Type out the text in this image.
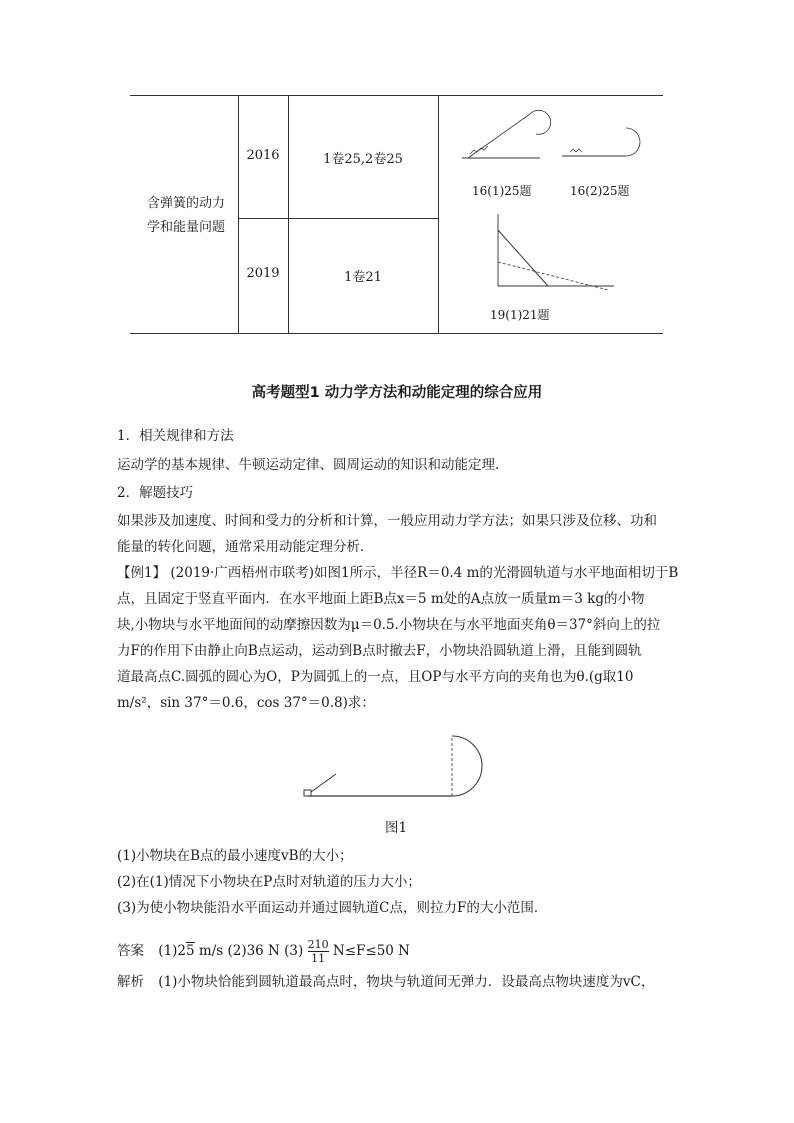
含弹簧的动力
学和能量问题
2016	1卷25,2卷25
2019	1卷21
16(1)25题	16(2)25题
19(1)21题
高考题型1 动力学方法和动能定理的综合应用
1．相关规律和方法
运动学的基本规律、牛顿运动定律、圆周运动的知识和动能定理．
2．解题技巧
如果涉及加速度、时间和受力的分析和计算，一般应用动力学方法；如果只涉及位移、功和
能量的转化问题，通常采用动能定理分析．
【例1】 (2019·广西梧州市联考)如图1所示，半径R＝0.4 m的光滑圆轨道与水平地面相切于B
点，且固定于竖直平面内．在水平地面上距B点x＝5 m处的A点放一质量m＝3 kg的小物
块,小物块与水平地面间的动摩擦因数为μ＝0.5.小物块在与水平地面夹角θ＝37°斜向上的拉
力F的作用下由静止向B点运动，运动到B点时撤去F，小物块沿圆轨道上滑，且能到圆轨
道最高点C.圆弧的圆心为O，P为圆弧上的一点，且OP与水平方向的夹角也为θ.(g取10
m/s²，sin 37°＝0.6，cos 37°＝0.8)求：
图1
(1)小物块在B点的最小速度vB的大小；
(2)在(1)情况下小物块在P点时对轨道的压力大小；
(3)为使小物块能沿水平面运动并通过圆轨道C点，则拉力F的大小范围．
答案 (1)25 m/s (2)36 N $(3) \frac{210}{11} N\le F\le 50$ N
解析 (1)小物块恰能到圆轨道最高点时，物块与轨道间无弹力．设最高点物块速度为vC，
